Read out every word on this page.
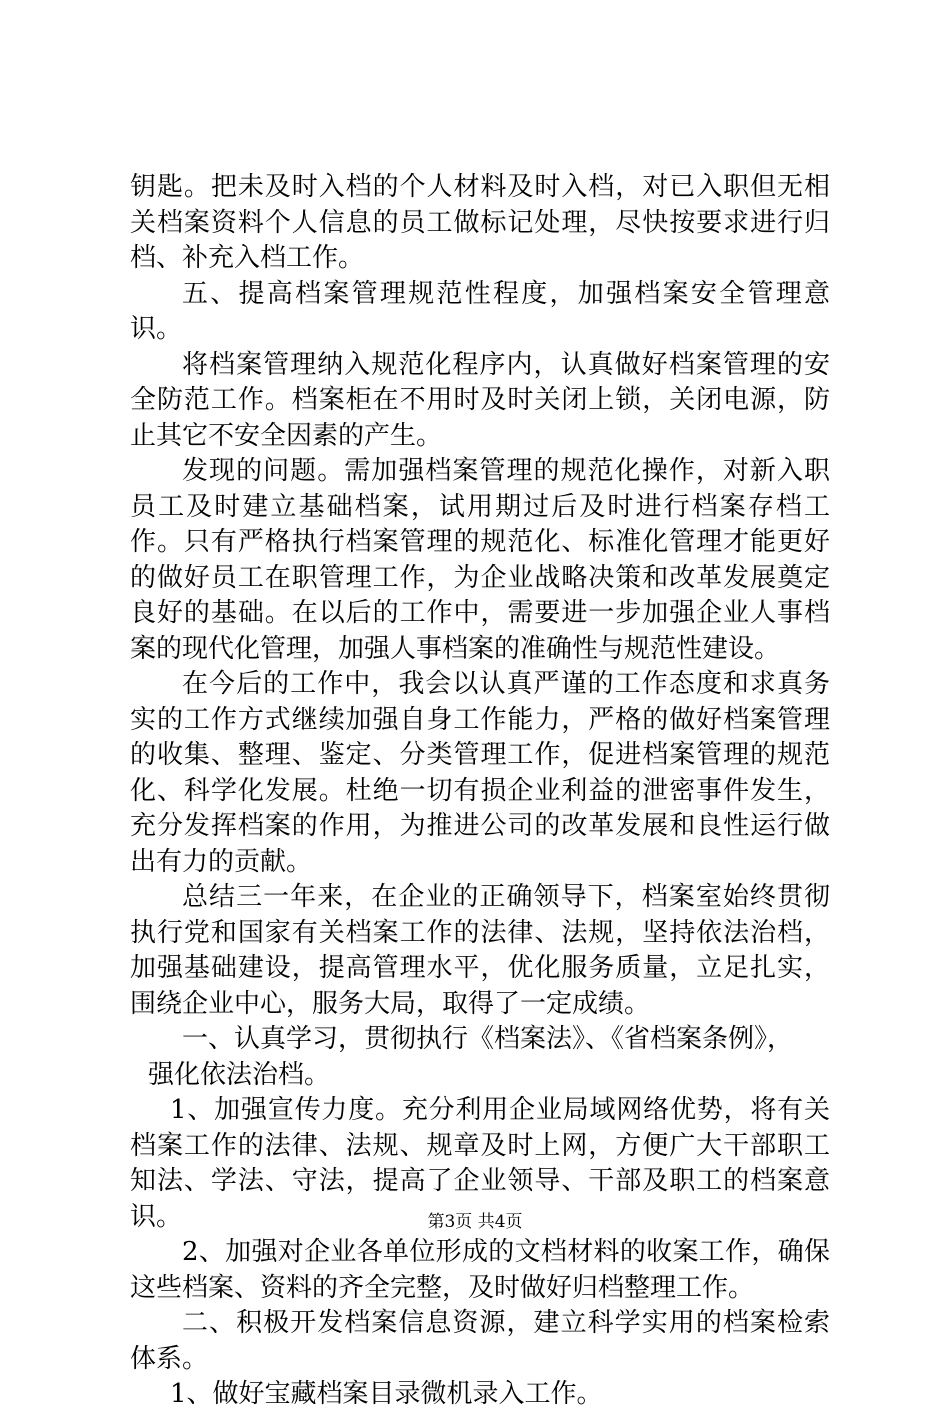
钥匙。把未及时入档的个人材料及时入档，对已入职但无相关档案资料个人信息的员工做标记处理，尽快按要求进行归档、补充入档工作。

五、提高档案管理规范性程度，加强档案安全管理意识。

将档案管理纳入规范化程序内，认真做好档案管理的安全防范工作。档案柜在不用时及时关闭上锁，关闭电源，防止其它不安全因素的产生。

发现的问题。需加强档案管理的规范化操作，对新入职员工及时建立基础档案，试用期过后及时进行档案存档工作。只有严格执行档案管理的规范化、标准化管理才能更好的做好员工在职管理工作，为企业战略决策和改革发展奠定良好的基础。在以后的工作中，需要进一步加强企业人事档案的现代化管理，加强人事档案的准确性与规范性建设。

在今后的工作中，我会以认真严谨的工作态度和求真务实的工作方式继续加强自身工作能力，严格的做好档案管理的收集、整理、鉴定、分类管理工作，促进档案管理的规范化、科学化发展。杜绝一切有损企业利益的泄密事件发生，充分发挥档案的作用，为推进公司的改革发展和良性运行做出有力的贡献。

总结三一年来，在企业的正确领导下，档案室始终贯彻执行党和国家有关档案工作的法律、法规，坚持依法治档，加强基础建设，提高管理水平，优化服务质量，立足扎实，围绕企业中心，服务大局，取得了一定成绩。

一、认真学习，贯彻执行《档案法》、《省档案条例》，

强化依法治档。

1、加强宣传力度。充分利用企业局域网络优势，将有关档案工作的法律、法规、规章及时上网，方便广大干部职工知法、学法、守法，提高了企业领导、干部及职工的档案意识。

2、加强对企业各单位形成的文档材料的收案工作，确保这些档案、资料的齐全完整，及时做好归档整理工作。

二、积极开发档案信息资源，建立科学实用的档案检索体系。

1、做好宝藏档案目录微机录入工作。

第3页 共4页
